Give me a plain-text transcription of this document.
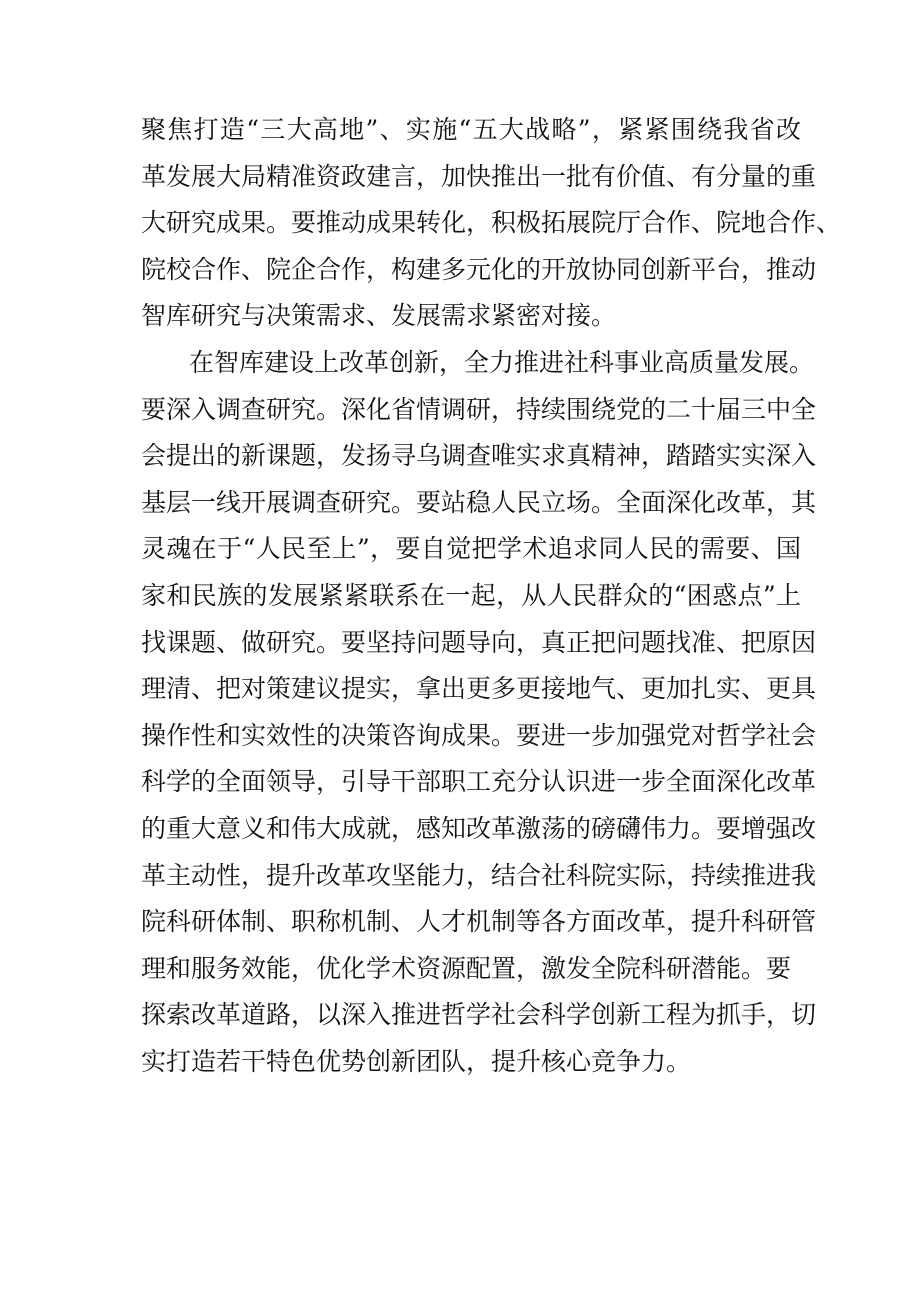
聚焦打造“三大高地”、实施“五大战略”，紧紧围绕我省改
革发展大局精准资政建言，加快推出一批有价值、有分量的重
大研究成果。要推动成果转化，积极拓展院厅合作、院地合作、
院校合作、院企合作，构建多元化的开放协同创新平台，推动
智库研究与决策需求、发展需求紧密对接。
在智库建设上改革创新，全力推进社科事业高质量发展。
要深入调查研究。深化省情调研，持续围绕党的二十届三中全
会提出的新课题，发扬寻乌调查唯实求真精神，踏踏实实深入
基层一线开展调查研究。要站稳人民立场。全面深化改革，其
灵魂在于“人民至上”，要自觉把学术追求同人民的需要、国
家和民族的发展紧紧联系在一起，从人民群众的“困惑点”上
找课题、做研究。要坚持问题导向，真正把问题找准、把原因
理清、把对策建议提实，拿出更多更接地气、更加扎实、更具
操作性和实效性的决策咨询成果。要进一步加强党对哲学社会
科学的全面领导，引导干部职工充分认识进一步全面深化改革
的重大意义和伟大成就，感知改革激荡的磅礴伟力。要增强改
革主动性，提升改革攻坚能力，结合社科院实际，持续推进我
院科研体制、职称机制、人才机制等各方面改革，提升科研管
理和服务效能，优化学术资源配置，激发全院科研潜能。要
探索改革道路，以深入推进哲学社会科学创新工程为抓手，切
实打造若干特色优势创新团队，提升核心竞争力。
